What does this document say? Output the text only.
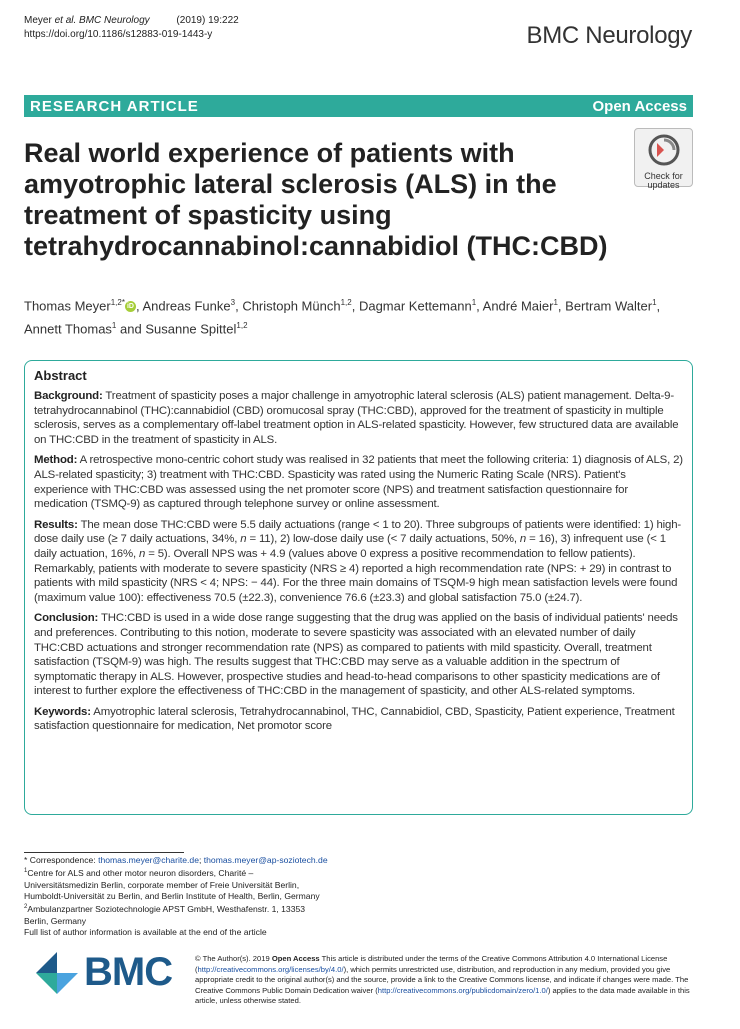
Meyer et al. BMC Neurology	(2019) 19:222
https://doi.org/10.1186/s12883-019-1443-y	BMC Neurology
RESEARCH ARTICLE	Open Access
Real world experience of patients with amyotrophic lateral sclerosis (ALS) in the treatment of spasticity using tetrahydrocannabinol:cannabidiol (THC:CBD)
Check for
updates
Thomas Meyer$^{1,2*}$ iD , Andreas Funke$^3$, Christoph Münch$^{1,2}$, Dagmar Kettemann$^1$, André Maier$^1$, Bertram Walter$^1$,
Annett Thomas$^1$ and Susanne Spittel$^{1,2}$
Abstract

Background: Treatment of spasticity poses a major challenge in amyotrophic lateral sclerosis (ALS) patient management. Delta-9-tetrahydrocannabinol (THC):cannabidiol (CBD) oromucosal spray (THC:CBD), approved for the treatment of spasticity in multiple sclerosis, serves as a complementary off-label treatment option in ALS-related spasticity. However, few structured data are available on THC:CBD in the treatment of spasticity in ALS.

Method: A retrospective mono-centric cohort study was realised in 32 patients that meet the following criteria: 1) diagnosis of ALS, 2) ALS-related spasticity; 3) treatment with THC:CBD. Spasticity was rated using the Numeric Rating Scale (NRS). Patient's experience with THC:CBD was assessed using the net promoter score (NPS) and treatment satisfaction questionnaire for medication (TSMQ-9) as captured through telephone survey or online assessment.

Results: The mean dose THC:CBD were 5.5 daily actuations (range < 1 to 20). Three subgroups of patients were identified: 1) high-dose daily use (≥ 7 daily actuations, 34%, n = 11), 2) low-dose daily use (< 7 daily actuations, 50%, n = 16), 3) infrequent use (< 1 daily actuation, 16%, n = 5). Overall NPS was + 4.9 (values above 0 express a positive recommendation to fellow patients). Remarkably, patients with moderate to severe spasticity (NRS ≥ 4) reported a high recommendation rate (NPS: + 29) in contrast to patients with mild spasticity (NRS < 4; NPS: − 44). For the three main domains of TSQM-9 high mean satisfaction levels were found (maximum value 100): effectiveness 70.5 (±22.3), convenience 76.6 (±23.3) and global satisfaction 75.0 (±24.7).

Conclusion: THC:CBD is used in a wide dose range suggesting that the drug was applied on the basis of individual patients' needs and preferences. Contributing to this notion, moderate to severe spasticity was associated with an elevated number of daily THC:CBD actuations and stronger recommendation rate (NPS) as compared to patients with mild spasticity. Overall, treatment satisfaction (TSQM-9) was high. The results suggest that THC:CBD may serve as a valuable addition in the spectrum of symptomatic therapy in ALS. However, prospective studies and head-to-head comparisons to other spasticity medications are of interest to further explore the effectiveness of THC:CBD in the management of spasticity, and other ALS-related symptoms.

Keywords: Amyotrophic lateral sclerosis, Tetrahydrocannabinol, THC, Cannabidiol, CBD, Spasticity, Patient experience, Treatment satisfaction questionnaire for medication, Net promotor score

* Correspondence: thomas.meyer@charite.de; thomas.meyer@ap-soziotech.de
$^1$Centre for ALS and other motor neuron disorders, Charité –
Universitätsmedizin Berlin, corporate member of Freie Universität Berlin,
Humboldt-Universität zu Berlin, and Berlin Institute of Health, Berlin, Germany
$^2$Ambulanzpartner Soziotechnologie APST GmbH, Westhafenstr. 1, 13353
Berlin, Germany
Full list of author information is available at the end of the article
BMC	© The Author(s). 2019 Open Access This article is distributed under the terms of the Creative Commons Attribution 4.0 International License (http://creativecommons.org/licenses/by/4.0/), which permits unrestricted use, distribution, and reproduction in any medium, provided you give appropriate credit to the original author(s) and the source, provide a link to the Creative Commons license, and indicate if changes were made. The Creative Commons Public Domain Dedication waiver (http://creativecommons.org/publicdomain/zero/1.0/) applies to the data made available in this article, unless otherwise stated.
